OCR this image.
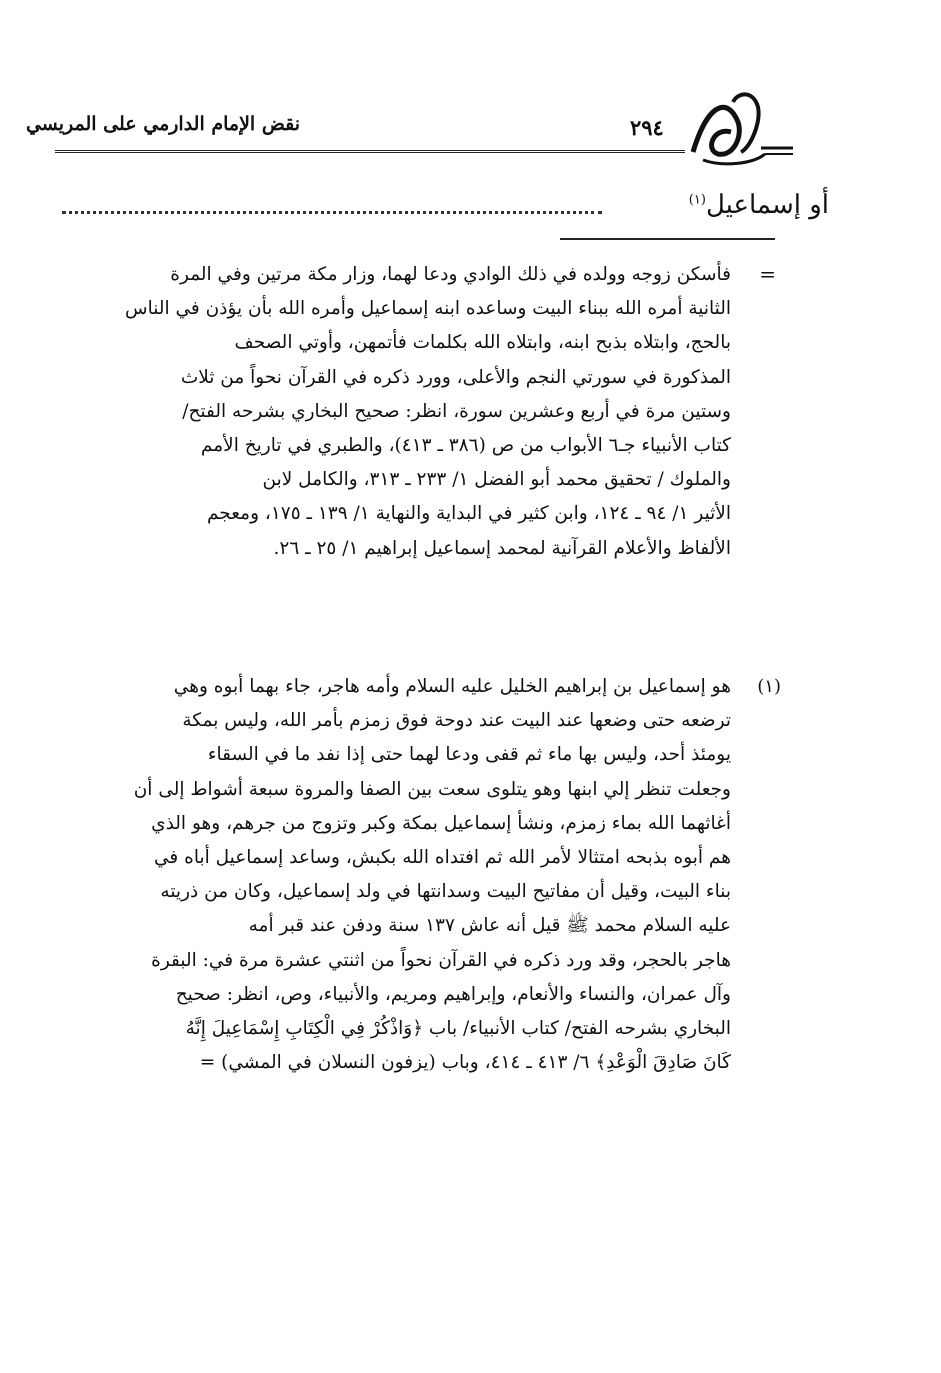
نقض الإمام الدارمي على المريسي	٢٩٤
أو إسماعيل$^{(١)}$
=
فأسكن زوجه وولده في ذلك الوادي ودعا لهما، وزار مكة مرتين وفي المرة
الثانية أمره الله ببناء البيت وساعده ابنه إسماعيل وأمره الله بأن يؤذن في الناس
بالحج، وابتلاه بذبح ابنه، وابتلاه الله بكلمات فأتمهن، وأوتي الصحف
المذكورة في سورتي النجم والأعلى، وورد ذكره في القرآن نحواً من ثلاث
وستين مرة في أربع وعشرين سورة، انظر: صحيح البخاري بشرحه الفتح/
كتاب الأنبياء جـ٦ الأبواب من ص (٣٨٦ ـ ٤١٣)، والطبري في تاريخ الأمم
والملوك / تحقيق محمد أبو الفضل ١/ ٢٣٣ ـ ٣١٣، والكامل لابن
الأثير ١/ ٩٤ ـ ١٢٤، وابن كثير في البداية والنهاية ١/ ١٣٩ ـ ١٧٥، ومعجم
الألفاظ والأعلام القرآنية لمحمد إسماعيل إبراهيم ١/ ٢٥ ـ ٢٦.
(١)
هو إسماعيل بن إبراهيم الخليل عليه السلام وأمه هاجر، جاء بهما أبوه وهي
ترضعه حتى وضعها عند البيت عند دوحة فوق زمزم بأمر الله، وليس بمكة
يومئذ أحد، وليس بها ماء ثم قفى ودعا لهما حتى إذا نفد ما في السقاء
وجعلت تنظر إلي ابنها وهو يتلوى سعت بين الصفا والمروة سبعة أشواط إلى أن
أغاثهما الله بماء زمزم، ونشأ إسماعيل بمكة وكبر وتزوج من جرهم، وهو الذي
هم أبوه بذبحه امتثالا لأمر الله ثم افتداه الله بكبش، وساعد إسماعيل أباه في
بناء البيت، وقيل أن مفاتيح البيت وسدانتها في ولد إسماعيل، وكان من ذريته
عليه السلام محمد ﷺ قيل أنه عاش ١٣٧ سنة ودفن عند قبر أمه
هاجر بالحجر، وقد ورد ذكره في القرآن نحواً من اثنتي عشرة مرة في: البقرة
وآل عمران، والنساء والأنعام، وإبراهيم ومريم، والأنبياء، وص، انظر: صحيح
البخاري بشرحه الفتح/ كتاب الأنبياء/ باب ﴿وَاذْكُرْ فِي الْكِتَابِ إِسْمَاعِيلَ إِنَّهُ
كَانَ صَادِقَ الْوَعْدِ﴾ ٦/ ٤١٣ ـ ٤١٤، وباب (يزفون النسلان في المشي) =
